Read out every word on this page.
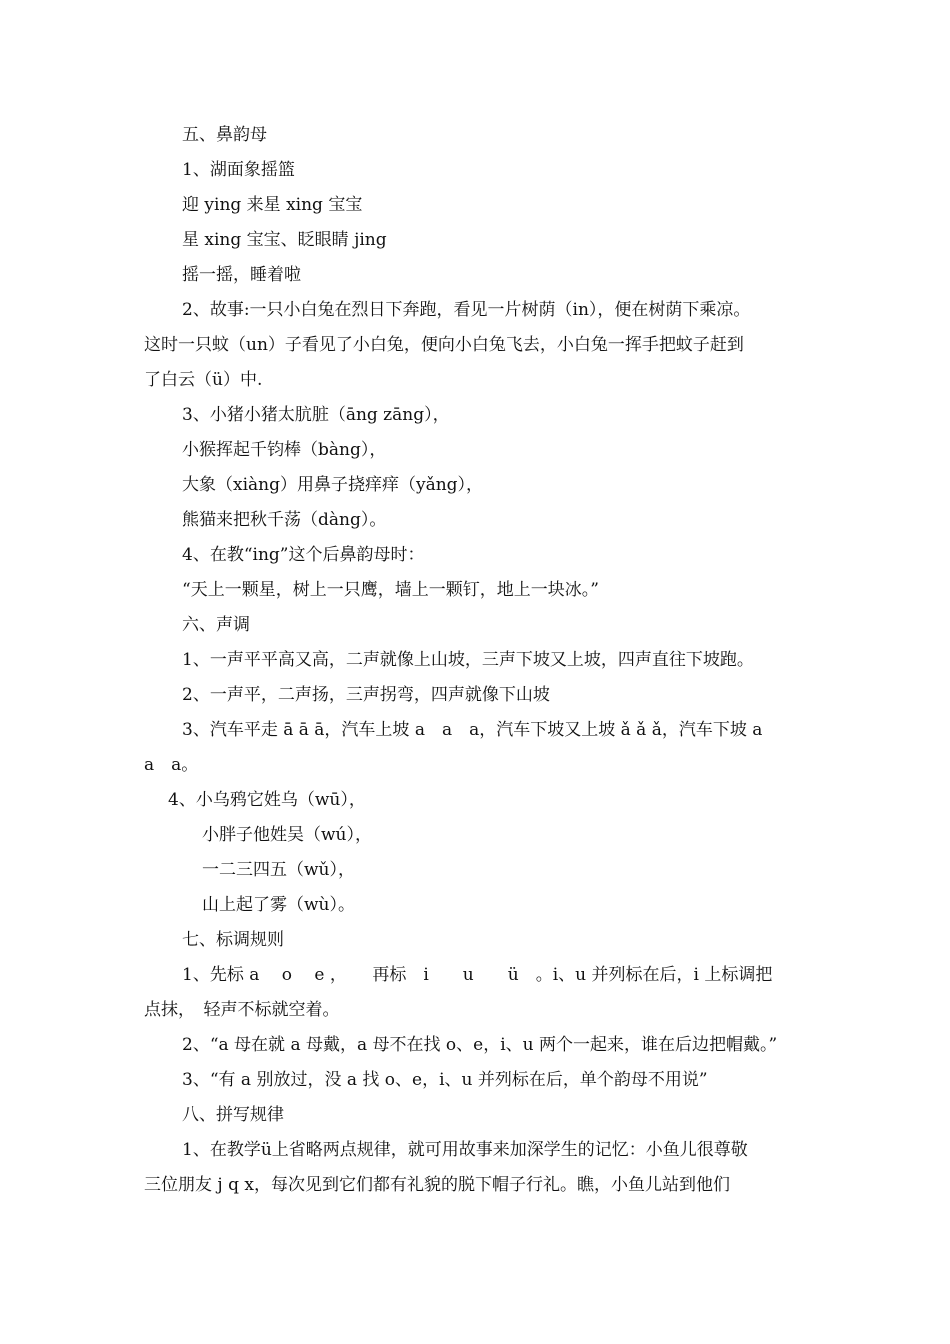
五、鼻韵母
1、湖面象摇篮
迎 ying 来星 xing 宝宝
星 xing 宝宝、眨眼睛 jing
摇一摇，睡着啦
2、故事:一只小白兔在烈日下奔跑，看见一片树荫（in），便在树荫下乘凉。
这时一只蚊（un）子看见了小白兔，便向小白兔飞去，小白兔一挥手把蚊子赶到
了白云（ü）中.
3、小猪小猪太肮脏（āng zāng），
小猴挥起千钧棒（bàng），
大象（xiàng）用鼻子挠痒痒（yǎng），
熊猫来把秋千荡（dàng）。
4、在教“ing”这个后鼻韵母时：
“天上一颗星，树上一只鹰，墙上一颗钉，地上一块冰。”
六、声调
1、一声平平高又高，二声就像上山坡，三声下坡又上坡，四声直往下坡跑。
2、一声平，二声扬，三声拐弯，四声就像下山坡
3、汽车平走 ā ā ā，汽车上坡 a　a　a，汽车下坡又上坡 ǎ ǎ ǎ，汽车下坡 a
a　a。
4、小乌鸦它姓乌（wū），
小胖子他姓吴（wú），
一二三四五（wǔ），
山上起了雾（wù）。
七、标调规则
1、先标 a　 o　 e ，　　再标　i　　u　　ü　。i、u 并列标在后，i 上标调把
点抹，　轻声不标就空着。
2、“a 母在就 a 母戴，a 母不在找 o、e，i、u 两个一起来，谁在后边把帽戴。”
3、“有 a 别放过，没 a 找 o、e，i、u 并列标在后，单个韵母不用说”
八、拼写规律
1、在教学ü上省略两点规律，就可用故事来加深学生的记忆：小鱼儿很尊敬
三位朋友 j q x，每次见到它们都有礼貌的脱下帽子行礼。瞧，小鱼儿站到他们
